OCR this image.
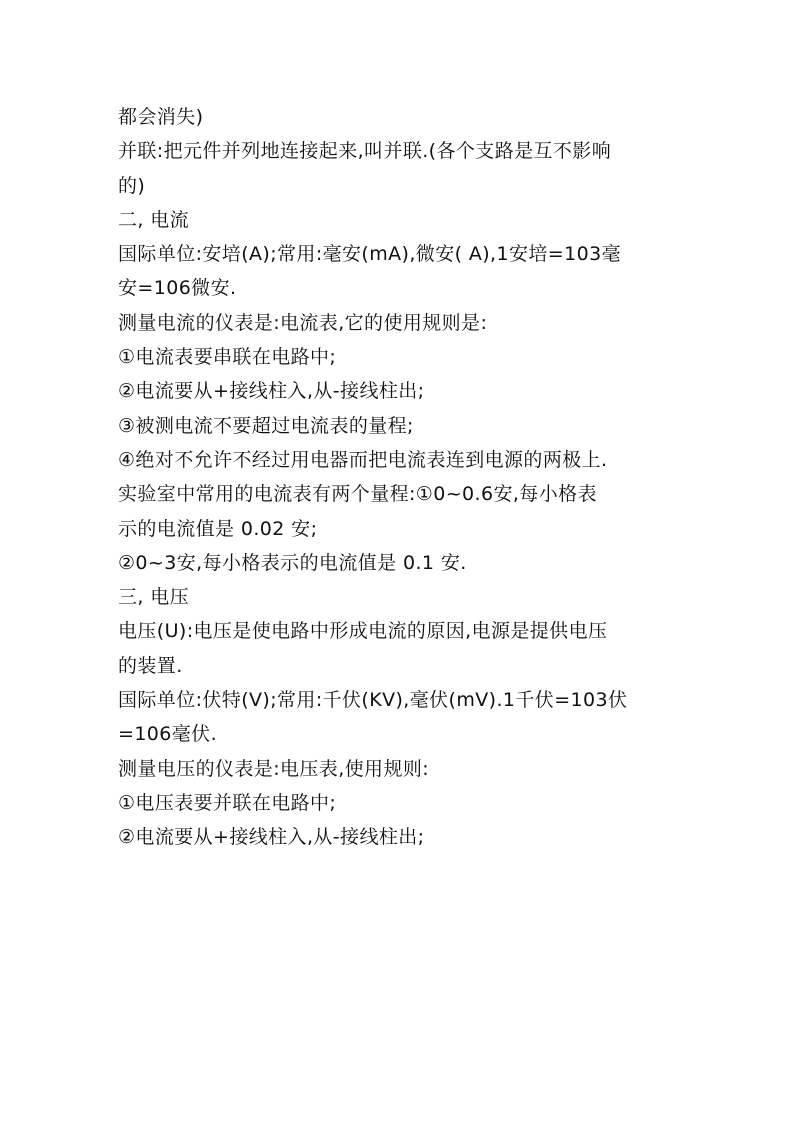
都会消失)
并联:把元件并列地连接起来,叫并联.(各个支路是互不影响
的)
二, 电流
国际单位:安培(A);常用:毫安(mA),微安( A),1安培=103毫
安=106微安.
测量电流的仪表是:电流表,它的使用规则是:
①电流表要串联在电路中;
②电流要从+接线柱入,从-接线柱出;
③被测电流不要超过电流表的量程;
④绝对不允许不经过用电器而把电流表连到电源的两极上.
实验室中常用的电流表有两个量程:①0~0.6安,每小格表
示的电流值是 0.02 安;
②0~3安,每小格表示的电流值是 0.1 安.
三, 电压
电压(U):电压是使电路中形成电流的原因,电源是提供电压
的装置.
国际单位:伏特(V);常用:千伏(KV),毫伏(mV).1千伏=103伏
=106毫伏.
测量电压的仪表是:电压表,使用规则:
①电压表要并联在电路中;
②电流要从+接线柱入,从-接线柱出;
